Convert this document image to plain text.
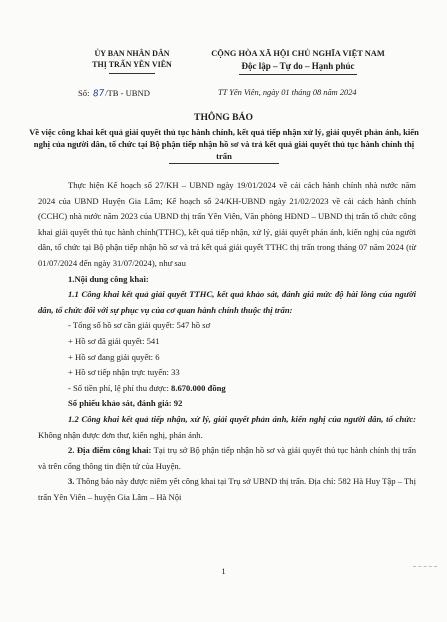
ỦY BAN NHÂN DÂN
THỊ TRẤN YÊN VIÊN
CỘNG HÒA XÃ HỘI CHỦ NGHĨA VIỆT NAM
Độc lập – Tự do – Hạnh phúc
Số: 87/TB - UBND	TT Yên Viên, ngày 01 tháng 08 năm 2024
THÔNG BÁO
Về việc công khai kết quả giải quyết thủ tục hành chính, kết quả tiếp nhận xử lý, giải quyết phản ánh, kiến nghị của người dân, tổ chức tại Bộ phận tiếp nhận hồ sơ và trả kết quả giải quyết thủ tục hành chính thị trấn

Thực hiện Kế hoạch số 27/KH – UBND ngày 19/01/2024 về cải cách hành chính nhà nước năm 2024 của UBND Huyện Gia Lâm; Kế hoạch số 24/KH-UBND ngày 21/02/2023 về cải cách hành chính (CCHC) nhà nước năm 2023 của UBND thị trấn Yên Viên, Văn phòng HĐND – UBND thị trấn tổ chức công khai giải quyết thủ tục hành chính(TTHC), kết quả tiếp nhận, xử lý, giải quyết phản ánh, kiến nghị của người dân, tổ chức tại Bộ phận tiếp nhận hồ sơ và trả kết quả giải quyết TTHC thị trấn trong tháng 07 năm 2024 (từ 01/07/2024 đến ngày 31/07/2024), như sau

1.Nội dung công khai:

1.1 Công khai kết quả giải quyết TTHC, kết quả khảo sát, đánh giá mức độ hài lòng của người dân, tổ chức đối với sự phục vụ của cơ quan hành chính thuộc thị trấn:

- Tổng số hồ sơ cần giải quyết: 547 hồ sơ

+ Hồ sơ đã giải quyết: 541

+ Hồ sơ đang giải quyết: 6

+ Hồ sơ tiếp nhận trực tuyến: 33

- Số tiền phí, lệ phí thu được: 8.670.000 đồng

Số phiếu khảo sát, đánh giá: 92

1.2 Công khai kết quả tiếp nhận, xử lý, giải quyết phản ánh, kiến nghị của người dân, tổ chức: Không nhận được đơn thư, kiến nghị, phản ánh.

2. Địa điểm công khai: Tại trụ sở Bộ phận tiếp nhận hồ sơ và giải quyết thủ tục hành chính thị trấn và trên cổng thông tin điện tử của Huyện.

3. Thông báo này được niêm yết công khai tại Trụ sở UBND thị trấn. Địa chỉ: 582 Hà Huy Tập – Thị trấn Yên Viên – huyện Gia Lâm – Hà Nội

1
